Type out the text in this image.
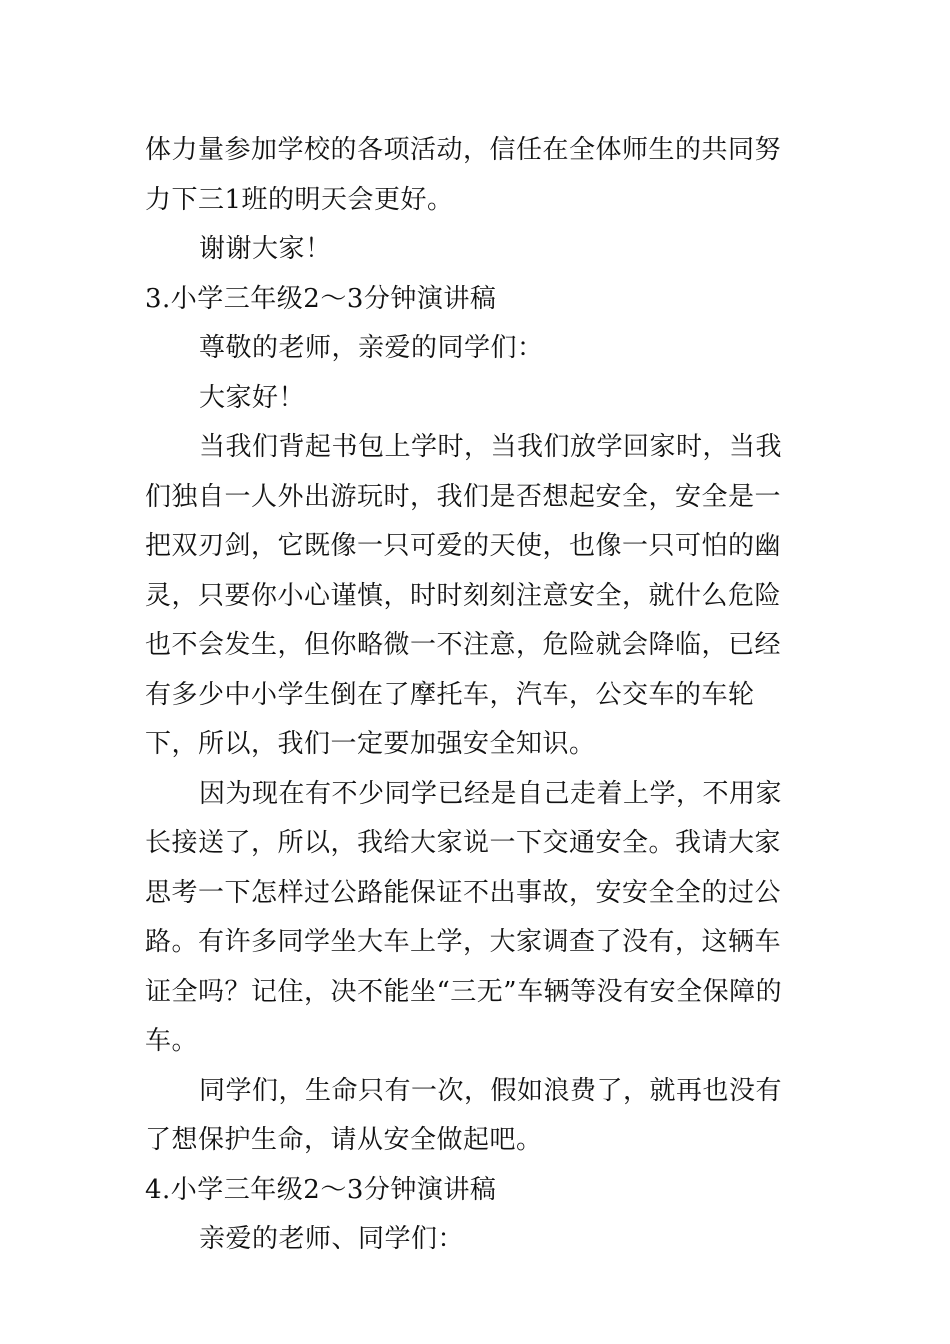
体力量参加学校的各项活动，信任在全体师生的共同努力下三1班的明天会更好。

谢谢大家！

3.小学三年级2～3分钟演讲稿

尊敬的老师，亲爱的同学们：

大家好！

当我们背起书包上学时，当我们放学回家时，当我们独自一人外出游玩时，我们是否想起安全，安全是一把双刃剑，它既像一只可爱的天使，也像一只可怕的幽灵，只要你小心谨慎，时时刻刻注意安全，就什么危险也不会发生，但你略微一不注意，危险就会降临，已经有多少中小学生倒在了摩托车，汽车，公交车的车轮下，所以，我们一定要加强安全知识。

因为现在有不少同学已经是自己走着上学，不用家长接送了，所以，我给大家说一下交通安全。我请大家思考一下怎样过公路能保证不出事故，安安全全的过公路。有许多同学坐大车上学，大家调查了没有，这辆车证全吗？记住，决不能坐“三无”车辆等没有安全保障的车。

同学们，生命只有一次，假如浪费了，就再也没有了想保护生命，请从安全做起吧。

4.小学三年级2～3分钟演讲稿

亲爱的老师、同学们：
